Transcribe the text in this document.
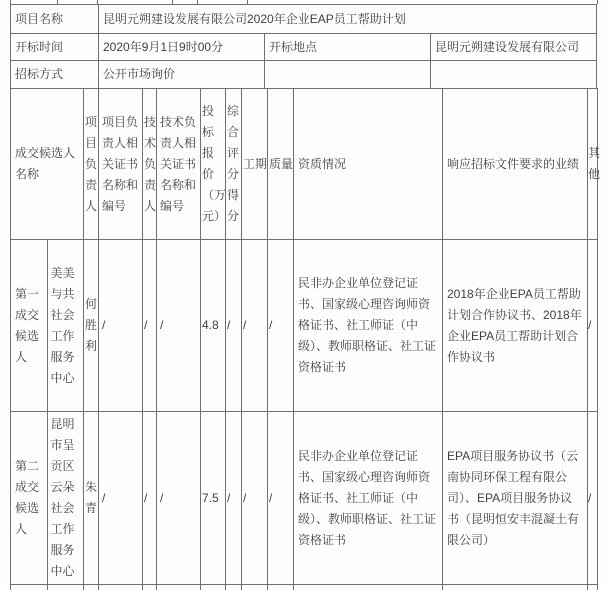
项目名称	昆明元朔建设发展有限公司2020年企业EAP员工帮助计划		
开标时间	2020年9月1日9时00分	开标地点	昆明元朔建设发展有限公司
招标方式	公开市场询价		
成交候选人名称		项目负责人	项目负责人相关证书名称和编号	技术负责人	技术负责人相关证书名称和编号	投标报价（万元）	综合评分得分	工期	质量	资质情况	响应招标文件要求的业绩	其他
第一成交候选人	美美与共社会工作服务中心	何胜利	/	/	/	4.8	/	/	/	民非办企业单位登记证书、国家级心理咨询师资格证书、社工师证（中级）、教师职格证、社工证资格证书	2018年企业EPA员工帮助计划合作协议书、2018年企业EPA员工帮助计划合作协议书	/
第二成交候选人	昆明市呈贡区云朵社会工作服务中心	朱青	/	/	/	7.5	/	/	/	民非办企业单位登记证书、国家级心理咨询师资格证书、社工师证（中级）、教师职格证、社工证资格证书	EPA项目服务协议书（云南协同环保工程有限公司）、EPA项目服务协议书（昆明恒安丰混凝土有限公司）	/
